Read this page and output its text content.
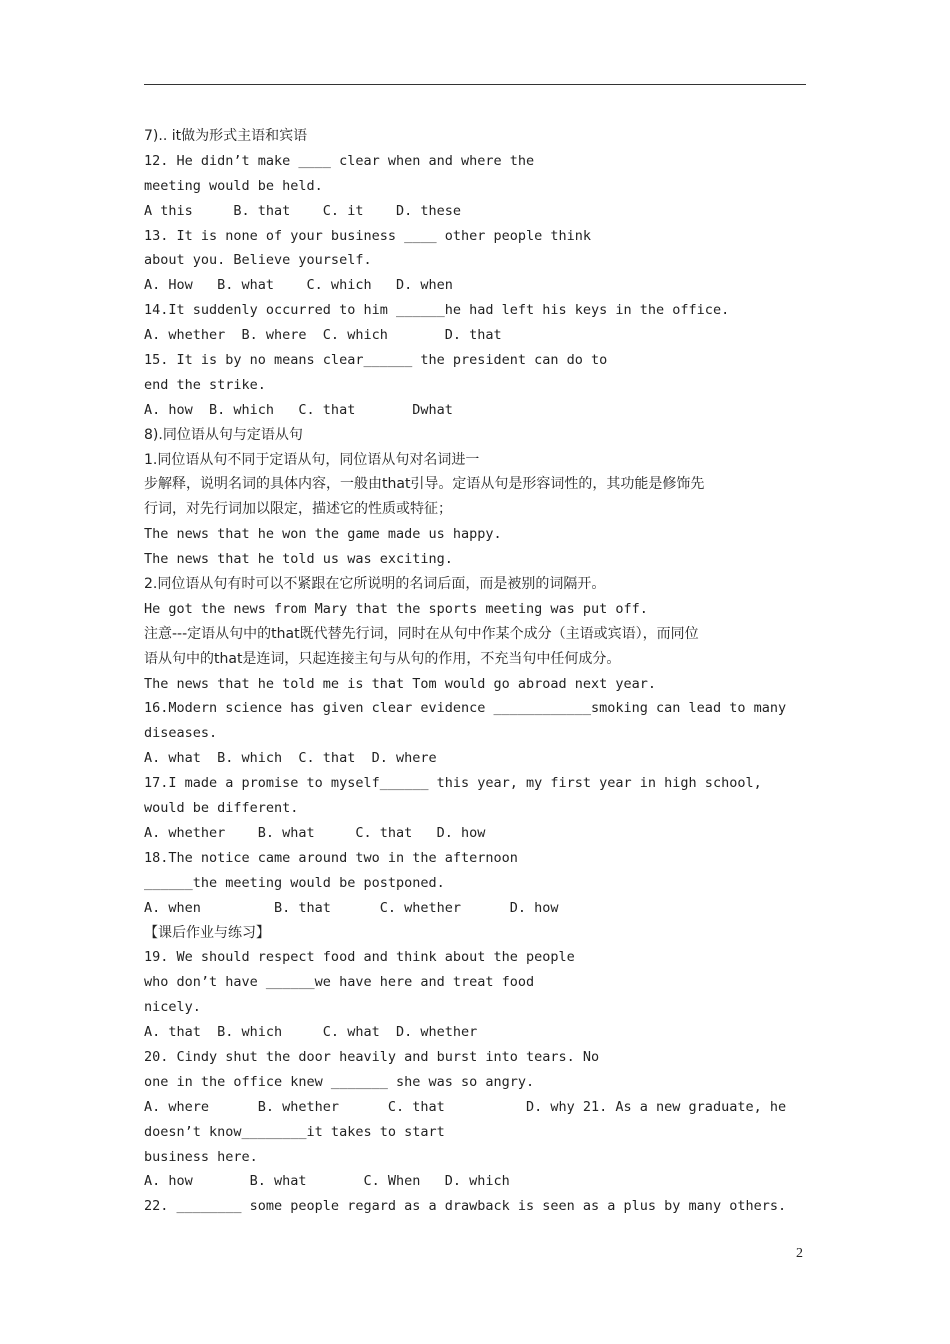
7).. it做为形式主语和宾语
12. He didn’t make ____ clear when and where the
meeting would be held.
A this     B. that    C. it    D. these
13. It is none of your business ____ other people think
about you. Believe yourself.
A. How   B. what    C. which   D. when
14.It suddenly occurred to him ______he had left his keys in the office.
A. whether  B. where  C. which       D. that
15. It is by no means clear______ the president can do to
end the strike.
A. how  B. which   C. that       Dwhat
8).同位语从句与定语从句
1.同位语从句不同于定语从句，同位语从句对名词进一
步解释，说明名词的具体内容，一般由that引导。定语从句是形容词性的，其功能是修饰先
行词，对先行词加以限定，描述它的性质或特征；
The news that he won the game made us happy.
The news that he told us was exciting.
2.同位语从句有时可以不紧跟在它所说明的名词后面，而是被别的词隔开。
He got the news from Mary that the sports meeting was put off.
注意---定语从句中的that既代替先行词，同时在从句中作某个成分（主语或宾语），而同位
语从句中的that是连词，只起连接主句与从句的作用，不充当句中任何成分。
The news that he told me is that Tom would go abroad next year.
16.Modern science has given clear evidence ____________smoking can lead to many
diseases.
A. what  B. which  C. that  D. where
17.I made a promise to myself______ this year, my first year in high school,
would be different.
A. whether    B. what     C. that   D. how
18.The notice came around two in the afternoon
______the meeting would be postponed.
A. when         B. that      C. whether      D. how
【课后作业与练习】
19. We should respect food and think about the people
who don’t have ______we have here and treat food
nicely.
A. that  B. which     C. what  D. whether
20. Cindy shut the door heavily and burst into tears. No
one in the office knew _______ she was so angry.
A. where      B. whether      C. that          D. why 21. As a new graduate, he
doesn’t know________it takes to start
business here.
A. how       B. what       C. When   D. which
22. ________ some people regard as a drawback is seen as a plus by many others.
2
